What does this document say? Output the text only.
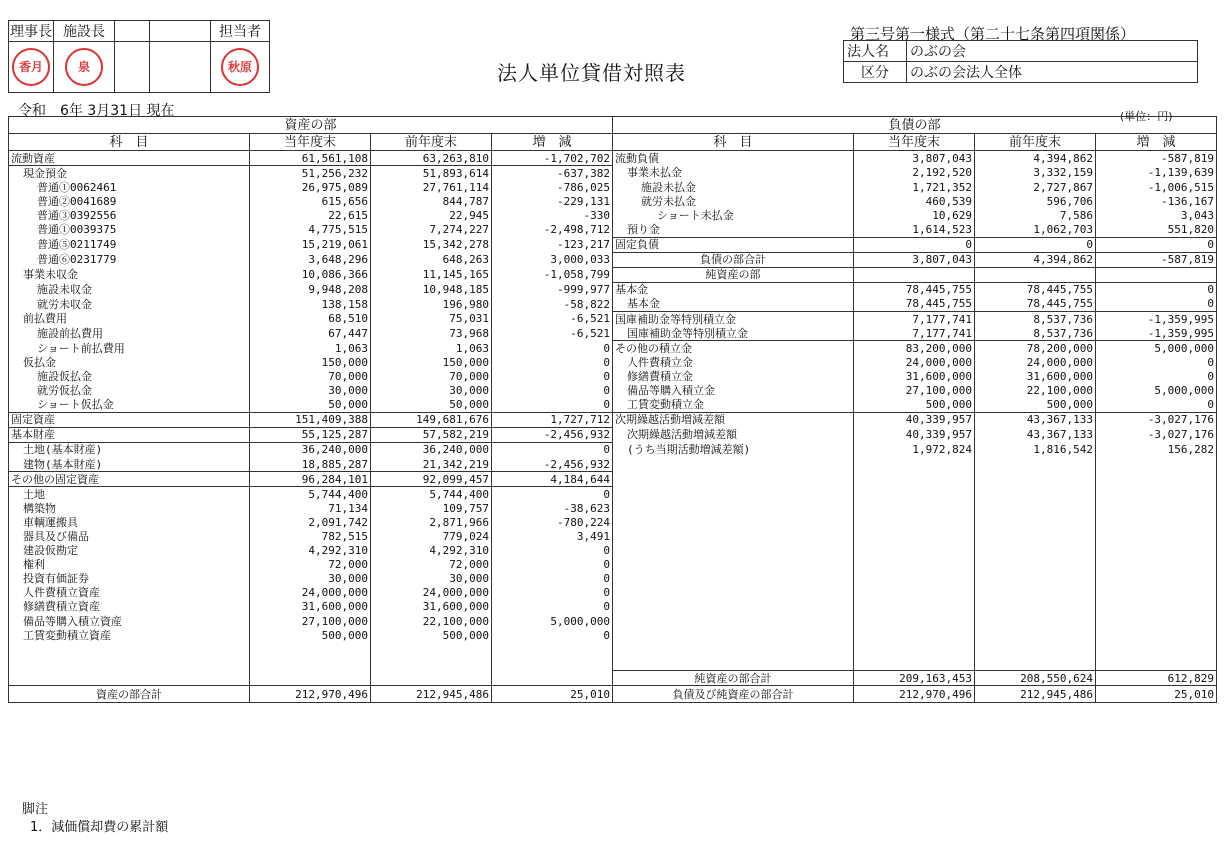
理事長	施設長			担当者
香月	泉			秋原	法人単位貸借対照表
第三号第一様式（第二十七条第四項関係）
法人名	のぶの会
区分	のぶの会法人全体
令和　6年 3月31日 現在	(単位：円)
資産の部				負債の部			
科　目	当年度末	前年度末	増　減	科　目	当年度末	前年度末	増　減
流動資産	61,561,108	63,263,810	-1,702,702	流動負債	3,807,043	4,394,862	-587,819
現金預金	51,256,232	51,893,614	-637,382	事業未払金	2,192,520	3,332,159	-1,139,639
普通①0062461	26,975,089	27,761,114	-786,025	施設未払金	1,721,352	2,727,867	-1,006,515
普通②0041689	615,656	844,787	-229,131	就労未払金	460,539	596,706	-136,167
普通③0392556	22,615	22,945	-330	ショート未払金	10,629	7,586	3,043
普通①0039375	4,775,515	7,274,227	-2,498,712	預り金	1,614,523	1,062,703	551,820
普通⑤0211749	15,219,061	15,342,278	-123,217	固定負債	0	0	0
普通⑥0231779	3,648,296	648,263	3,000,033	負債の部合計	3,807,043	4,394,862	-587,819
事業未収金	10,086,366	11,145,165	-1,058,799	純資産の部			
施設未収金	9,948,208	10,948,185	-999,977	基本金	78,445,755	78,445,755	0
就労未収金	138,158	196,980	-58,822	基本金	78,445,755	78,445,755	0
前払費用	68,510	75,031	-6,521	国庫補助金等特別積立金	7,177,741	8,537,736	-1,359,995
施設前払費用	67,447	73,968	-6,521	国庫補助金等特別積立金	7,177,741	8,537,736	-1,359,995
ショート前払費用	1,063	1,063	0	その他の積立金	83,200,000	78,200,000	5,000,000
仮払金	150,000	150,000	0	人件費積立金	24,000,000	24,000,000	0
施設仮払金	70,000	70,000	0	修繕費積立金	31,600,000	31,600,000	0
就労仮払金	30,000	30,000	0	備品等購入積立金	27,100,000	22,100,000	5,000,000
ショート仮払金	50,000	50,000	0	工賃変動積立金	500,000	500,000	0
固定資産	151,409,388	149,681,676	1,727,712	次期繰越活動増減差額	40,339,957	43,367,133	-3,027,176
基本財産	55,125,287	57,582,219	-2,456,932	次期繰越活動増減差額	40,339,957	43,367,133	-3,027,176
土地(基本財産)	36,240,000	36,240,000	0	(うち当期活動増減差額)	1,972,824	1,816,542	156,282
建物(基本財産)	18,885,287	21,342,219	-2,456,932				
その他の固定資産	96,284,101	92,099,457	4,184,644				
土地	5,744,400	5,744,400	0				
構築物	71,134	109,757	-38,623				
車輌運搬具	2,091,742	2,871,966	-780,224				
器具及び備品	782,515	779,024	3,491				
建設仮勘定	4,292,310	4,292,310	0				
権利	72,000	72,000	0				
投資有価証券	30,000	30,000	0				
人件費積立資産	24,000,000	24,000,000	0				
修繕費積立資産	31,600,000	31,600,000	0				
備品等購入積立資産	27,100,000	22,100,000	5,000,000				
工賃変動積立資産	500,000	500,000	0				

				純資産の部合計	209,163,453	208,550,624	612,829
資産の部合計	212,970,496	212,945,486	25,010	負債及び純資産の部合計	212,970,496	212,945,486	25,010
脚注
1．減価償却費の累計額
